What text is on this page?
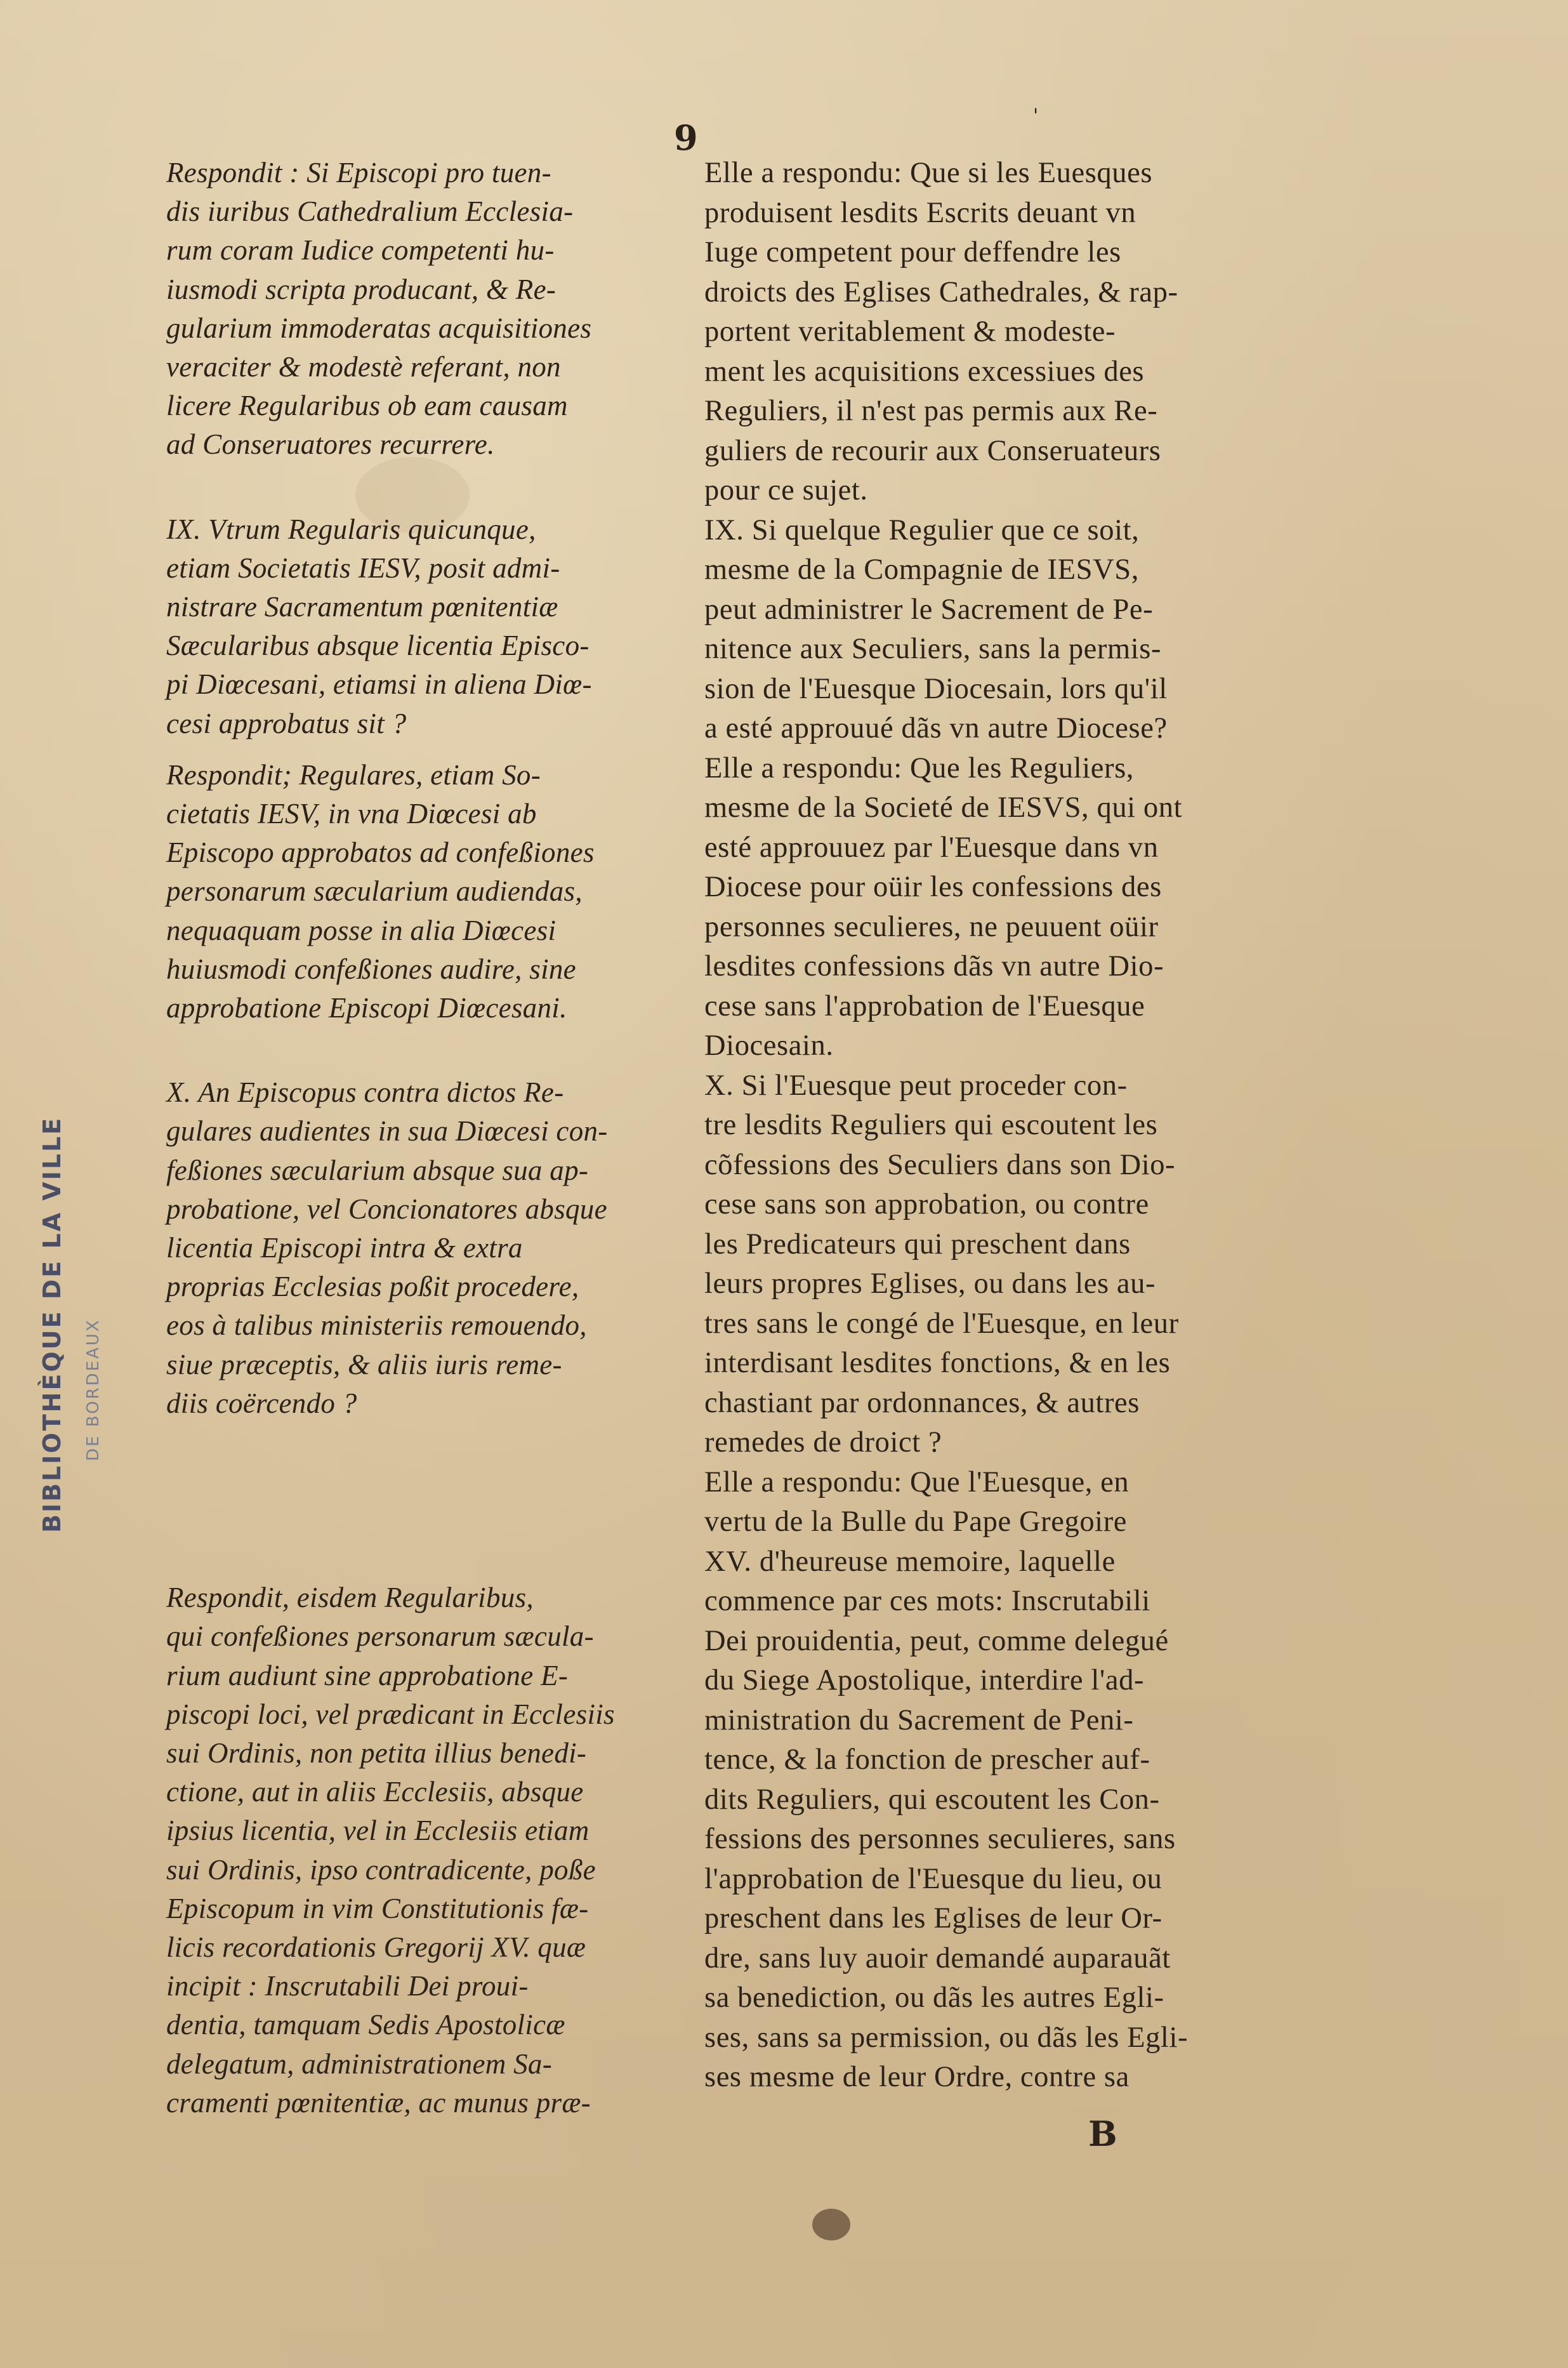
9
'
BIBLIOTHÈQUE DE LA VILLE	DE BORDEAUX
Respondit : Si Episcopi pro tuen-
dis iuribus Cathedralium Ecclesia-
rum coram Iudice competenti hu-
iusmodi scripta producant, & Re-
gularium immoderatas acquisitiones
veraciter & modestè referant, non
licere Regularibus ob eam causam
ad Conseruatores recurrere.
IX. Vtrum Regularis quicunque,
etiam Societatis IESV, posit admi-
nistrare Sacramentum pœnitentiæ
Sæcularibus absque licentia Episco-
pi Diœcesani, etiamsi in aliena Diœ-
cesi approbatus sit ?
Respondit; Regulares, etiam So-
cietatis IESV, in vna Diœcesi ab
Episcopo approbatos ad confeßiones
personarum sæcularium audiendas,
nequaquam posse in alia Diœcesi
huiusmodi confeßiones audire, sine
approbatione Episcopi Diœcesani.
X. An Episcopus contra dictos Re-
gulares audientes in sua Diœcesi con-
feßiones sæcularium absque sua ap-
probatione, vel Concionatores absque
licentia Episcopi intra & extra
proprias Ecclesias poßit procedere,
eos à talibus ministeriis remouendo,
siue præceptis, & aliis iuris reme-
diis coërcendo ?
Respondit, eisdem Regularibus,
qui confeßiones personarum sæcula-
rium audiunt sine approbatione E-
piscopi loci, vel prædicant in Ecclesiis
sui Ordinis, non petita illius benedi-
ctione, aut in aliis Ecclesiis, absque
ipsius licentia, vel in Ecclesiis etiam
sui Ordinis, ipso contradicente, poße
Episcopum in vim Constitutionis fæ-
licis recordationis Gregorij XV. quæ
incipit : Inscrutabili Dei proui-
dentia, tamquam Sedis Apostolicæ
delegatum, administrationem Sa-
cramenti pœnitentiæ, ac munus præ-
Elle a respondu: Que si les Euesques
produisent lesdits Escrits deuant vn
Iuge competent pour deffendre les
droicts des Eglises Cathedrales, & rap-
portent veritablement & modeste-
ment les acquisitions excessiues des
Reguliers, il n'est pas permis aux Re-
guliers de recourir aux Conseruateurs
pour ce sujet.
IX. Si quelque Regulier que ce soit,
mesme de la Compagnie de IESVS,
peut administrer le Sacrement de Pe-
nitence aux Seculiers, sans la permis-
sion de l'Euesque Diocesain, lors qu'il
a esté approuué dãs vn autre Diocese?
Elle a respondu: Que les Reguliers,
mesme de la Societé de IESVS, qui ont
esté approuuez par l'Euesque dans vn
Diocese pour oüir les confessions des
personnes seculieres, ne peuuent oüir
lesdites confessions dãs vn autre Dio-
cese sans l'approbation de l'Euesque
Diocesain.
X. Si l'Euesque peut proceder con-
tre lesdits Reguliers qui escoutent les
cõfessions des Seculiers dans son Dio-
cese sans son approbation, ou contre
les Predicateurs qui preschent dans
leurs propres Eglises, ou dans les au-
tres sans le congé de l'Euesque, en leur
interdisant lesdites fonctions, & en les
chastiant par ordonnances, & autres
remedes de droict ?
Elle a respondu: Que l'Euesque, en
vertu de la Bulle du Pape Gregoire
XV. d'heureuse memoire, laquelle
commence par ces mots: Inscrutabili
Dei prouidentia, peut, comme delegué
du Siege Apostolique, interdire l'ad-
ministration du Sacrement de Peni-
tence, & la fonction de prescher auf-
dits Reguliers, qui escoutent les Con-
fessions des personnes seculieres, sans
l'approbation de l'Euesque du lieu, ou
preschent dans les Eglises de leur Or-
dre, sans luy auoir demandé auparauãt
sa benediction, ou dãs les autres Egli-
ses, sans sa permission, ou dãs les Egli-
ses mesme de leur Ordre, contre sa
B
